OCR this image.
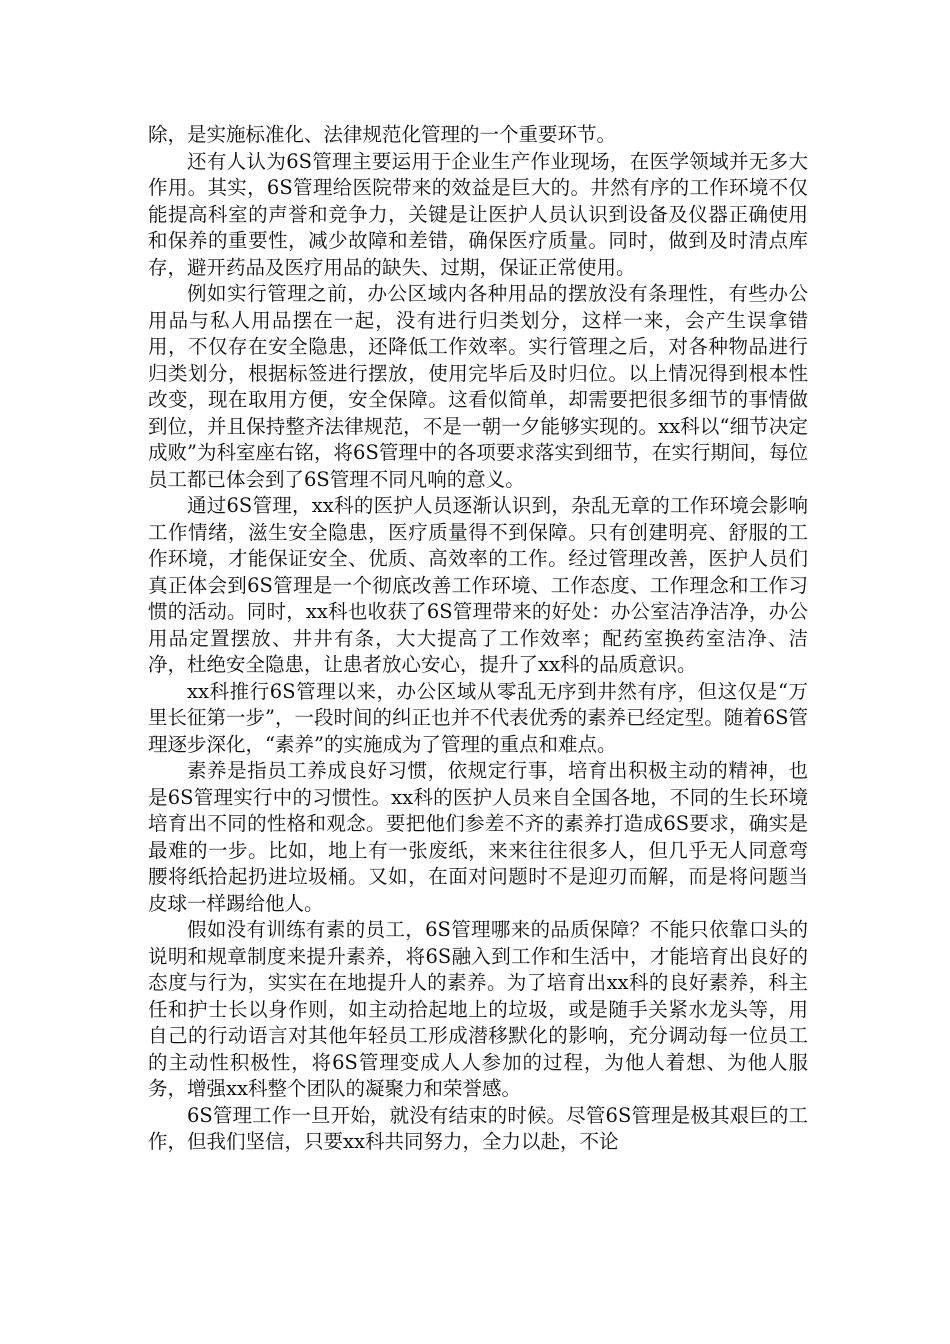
除，是实施标准化、法律规范化管理的一个重要环节。

还有人认为6S管理主要运用于企业生产作业现场，在医学领域并无多大作用。其实，6S管理给医院带来的效益是巨大的。井然有序的工作环境不仅能提高科室的声誉和竞争力，关键是让医护人员认识到设备及仪器正确使用和保养的重要性，减少故障和差错，确保医疗质量。同时，做到及时清点库存，避开药品及医疗用品的缺失、过期，保证正常使用。

例如实行管理之前，办公区域内各种用品的摆放没有条理性，有些办公用品与私人用品摆在一起，没有进行归类划分，这样一来，会产生误拿错用，不仅存在安全隐患，还降低工作效率。实行管理之后，对各种物品进行归类划分，根据标签进行摆放，使用完毕后及时归位。以上情况得到根本性改变，现在取用方便，安全保障。这看似简单，却需要把很多细节的事情做到位，并且保持整齐法律规范，不是一朝一夕能够实现的。xx科以“细节决定成败”为科室座右铭，将6S管理中的各项要求落实到细节，在实行期间，每位员工都已体会到了6S管理不同凡响的意义。

通过6S管理，xx科的医护人员逐渐认识到，杂乱无章的工作环境会影响工作情绪，滋生安全隐患，医疗质量得不到保障。只有创建明亮、舒服的工作环境，才能保证安全、优质、高效率的工作。经过管理改善，医护人员们真正体会到6S管理是一个彻底改善工作环境、工作态度、工作理念和工作习惯的活动。同时，xx科也收获了6S管理带来的好处：办公室洁净洁净，办公用品定置摆放、井井有条，大大提高了工作效率；配药室换药室洁净、洁净，杜绝安全隐患，让患者放心安心，提升了xx科的品质意识。

xx科推行6S管理以来，办公区域从零乱无序到井然有序，但这仅是“万里长征第一步”，一段时间的纠正也并不代表优秀的素养已经定型。随着6S管理逐步深化，“素养”的实施成为了管理的重点和难点。

素养是指员工养成良好习惯，依规定行事，培育出积极主动的精神，也是6S管理实行中的习惯性。xx科的医护人员来自全国各地，不同的生长环境培育出不同的性格和观念。要把他们参差不齐的素养打造成6S要求，确实是最难的一步。比如，地上有一张废纸，来来往往很多人，但几乎无人同意弯腰将纸拾起扔进垃圾桶。又如，在面对问题时不是迎刃而解，而是将问题当皮球一样踢给他人。

假如没有训练有素的员工，6S管理哪来的品质保障？不能只依靠口头的说明和规章制度来提升素养，将6S融入到工作和生活中，才能培育出良好的态度与行为，实实在在地提升人的素养。为了培育出xx科的良好素养，科主任和护士长以身作则，如主动拾起地上的垃圾，或是随手关紧水龙头等，用自己的行动语言对其他年轻员工形成潜移默化的影响，充分调动每一位员工的主动性积极性，将6S管理变成人人参加的过程，为他人着想、为他人服务，增强xx科整个团队的凝聚力和荣誉感。

6S管理工作一旦开始，就没有结束的时候。尽管6S管理是极其艰巨的工作，但我们坚信，只要xx科共同努力，全力以赴，不论
